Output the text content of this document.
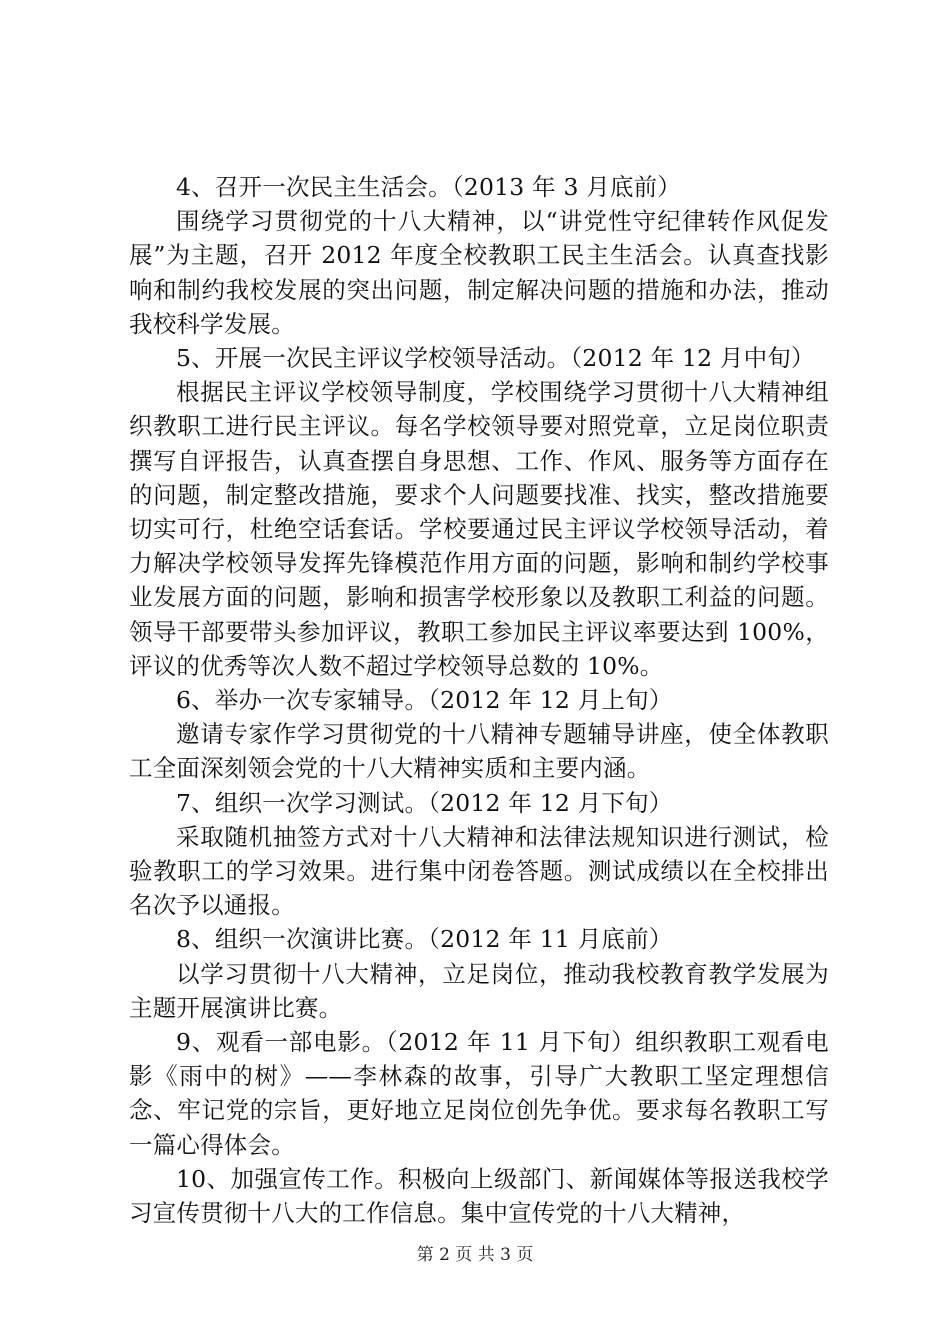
4、召开一次民主生活会。（2013 年 3 月底前）

围绕学习贯彻党的十八大精神，以“讲党性守纪律转作风促发展”为主题，召开 2012 年度全校教职工民主生活会。认真查找影响和制约我校发展的突出问题，制定解决问题的措施和办法，推动我校科学发展。

5、开展一次民主评议学校领导活动。（2012 年 12 月中旬）

根据民主评议学校领导制度，学校围绕学习贯彻十八大精神组织教职工进行民主评议。每名学校领导要对照党章，立足岗位职责撰写自评报告，认真查摆自身思想、工作、作风、服务等方面存在的问题，制定整改措施，要求个人问题要找准、找实，整改措施要切实可行，杜绝空话套话。学校要通过民主评议学校领导活动，着力解决学校领导发挥先锋模范作用方面的问题，影响和制约学校事业发展方面的问题，影响和损害学校形象以及教职工利益的问题。领导干部要带头参加评议，教职工参加民主评议率要达到 100%，评议的优秀等次人数不超过学校领导总数的 10%。

6、举办一次专家辅导。（2012 年 12 月上旬）

邀请专家作学习贯彻党的十八精神专题辅导讲座，使全体教职工全面深刻领会党的十八大精神实质和主要内涵。

7、组织一次学习测试。（2012 年 12 月下旬）

采取随机抽签方式对十八大精神和法律法规知识进行测试，检验教职工的学习效果。进行集中闭卷答题。测试成绩以在全校排出名次予以通报。

8、组织一次演讲比赛。（2012 年 11 月底前）

以学习贯彻十八大精神，立足岗位，推动我校教育教学发展为主题开展演讲比赛。

9、观看一部电影。（2012 年 11 月下旬）组织教职工观看电影《雨中的树》——李林森的故事，引导广大教职工坚定理想信念、牢记党的宗旨，更好地立足岗位创先争优。要求每名教职工写一篇心得体会。

10、加强宣传工作。积极向上级部门、新闻媒体等报送我校学习宣传贯彻十八大的工作信息。集中宣传党的十八大精神，

第 2 页 共 3 页
